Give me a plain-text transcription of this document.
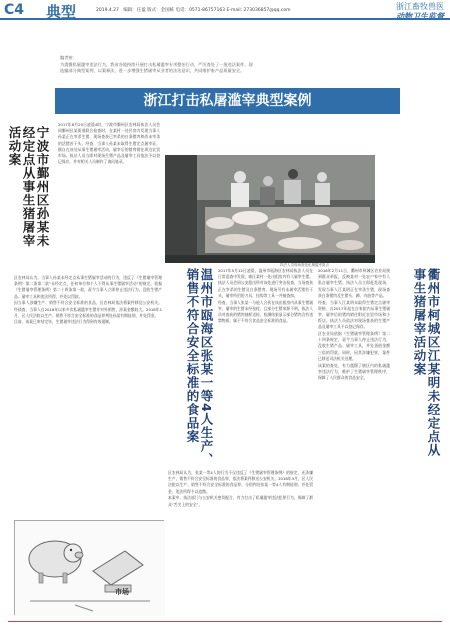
C4 典型	2019.4.27 编辑：任谧 版式：金国栋 电话：0571-86757163 E-mail: 273036857@qq.com	浙江畜牧兽医
动物卫生监督
编者按：
为震慑私屠滥宰违法行为，我省各地持续开展打击私屠滥宰专项整治行动，严厉查处了一批违法案件。现
选编部分典型案例，以案释法，进一步增强生猪屠宰从业者的法治意识，共同维护畜产品质量安全。
浙江打击私屠滥宰典型案例
宁波市鄞州区孙某未经定点从事生猪屠宰活动案

2017年6月20日凌晨4时，宁波市鄞州区农林局执法人员会同鄞州区某街道联合检查时，在某村一处民房内发现当事人孙某正在宰杀生猪，现场查获已宰杀的白条猪肉和尚未宰杀的活猪若干头。经查，当事人孙某未取得生猪定点屠宰证，擅自在该处从事生猪屠宰活动，屠宰后的猪肉销往周边农贸市场。执法人员当即对现场生猪产品及屠宰工具依法予以登记保存，并对相关人员制作了询问笔录。

执法人员现场查处私屠滥宰窝点

区农林局认为，当事人孙某未经定点从事生猪屠宰活动的行为，违反了《生猪屠宰管理条例》第二条第二款“未经定点，任何单位和个人不得从事生猪屠宰活动”的规定。依据《生猪屠宰管理条例》第二十四条第一款，责令当事人立即停止违法行为，没收生猪产品、屠宰工具和违法所得，并处以罚款。

因当事人涉嫌生产、销售不符合安全标准的食品，区农林局依法将案件移送公安机关。经侦查，当事人自2016年以来多次私屠滥宰生猪并对外销售，涉案金额较大。2018年1月，区人民法院以生产、销售不符合安全标准的食品罪判处孙某有期徒刑，并处罚金。

目前，该案已审结完毕，生猪屠宰违法行为得到有效遏制。

市场
温州市瓯海区张某一等4人生产、销售不符合安全标准的食品案	2017年5月12日凌晨，温州市瓯海区农林局执法人员在日常巡查中发现，辖区某村一处出租房内有人屠宰生猪。执法人员会同公安派出所对该处进行突击检查，当场查获正在宰杀的生猪及白条猪肉，现场另有未屠宰活猪若干头，屠宰所用的刀具、挂钩等工具一并被查扣。

经查，当事人张某一与他人合伙在该出租房内从事生猪屠宰，屠宰的生猪未经检疫，且部分生猪来源不明。执法人员对查获的猪肉抽样送检，检测结果显示部分猪肉含有违禁物质，属于不符合食品安全标准的食品。

区农林局认为，张某一等4人的行为不仅违反了《生猪屠宰管理条例》的规定，还涉嫌生产、销售不符合安全标准的食品罪，依法将案件移送公安机关。2018年3月，区人民法院以生产、销售不符合安全标准的食品罪，分别判处张某一等4人有期徒刑，并处罚金，违法所得予以追缴。

本案中，执法部门与公安机关密切配合，有力打击了私屠滥宰违法犯罪行为，保障了群众“舌尖上的安全”。

2018年2月11日，衢州市柯城区农业局接到群众举报，反映某村一处农户家中有人私自屠宰生猪。执法人员立即赶赴现场，发现当事人江某明正在宰杀生猪，现场查获白条猪肉及生猪头、蹄、内脏等产品。

经查，当事人江某明未取得生猪定点屠宰资格，自2017年起在自家院内从事生猪屠宰，屠宰后的猪肉销往附近农贸市场和小饭店。执法人员依法对现场查获的生猪产品及屠宰工具予以登记保存。

区农业局依据《生猪屠宰管理条例》第二十四条规定，责令当事人停止违法行为，没收生猪产品、屠宰工具，并处货值金额三倍的罚款。同时，因其涉嫌犯罪，案件已移送司法机关处理。

该案的查处，有力震慑了辖区内的私屠滥宰违法行为，维护了生猪屠宰管理秩序，保障了人民群众的食品安全。	衢州市柯城区江某明未经定点从事生猪屠宰活动案
